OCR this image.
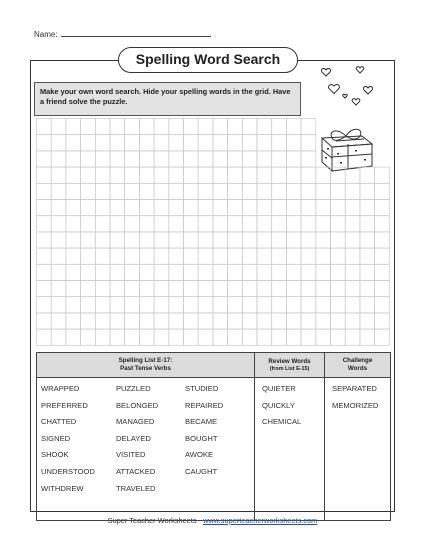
Name:
Spelling Word Search
Make your own word search. Hide your spelling words in the grid. Have a friend solve the puzzle.
Spelling List E-17:
Past Tense Verbs
Review Words
(from List E-15)
Challenge
Words
WRAPPED
PREFERRED
CHATTED
SIGNED
SHOOK
UNDERSTOOD
WITHDREW
PUZZLED
BELONGED
MANAGED
DELAYED
VISITED
ATTACKED
TRAVELED
STUDIED
REPAIRED
BECAME
BOUGHT
AWOKE
CAUGHT
QUIETER
QUICKLY
CHEMICAL
SEPARATED
MEMORIZED
Super Teacher Worksheets - www.superteacherworksheets.com
